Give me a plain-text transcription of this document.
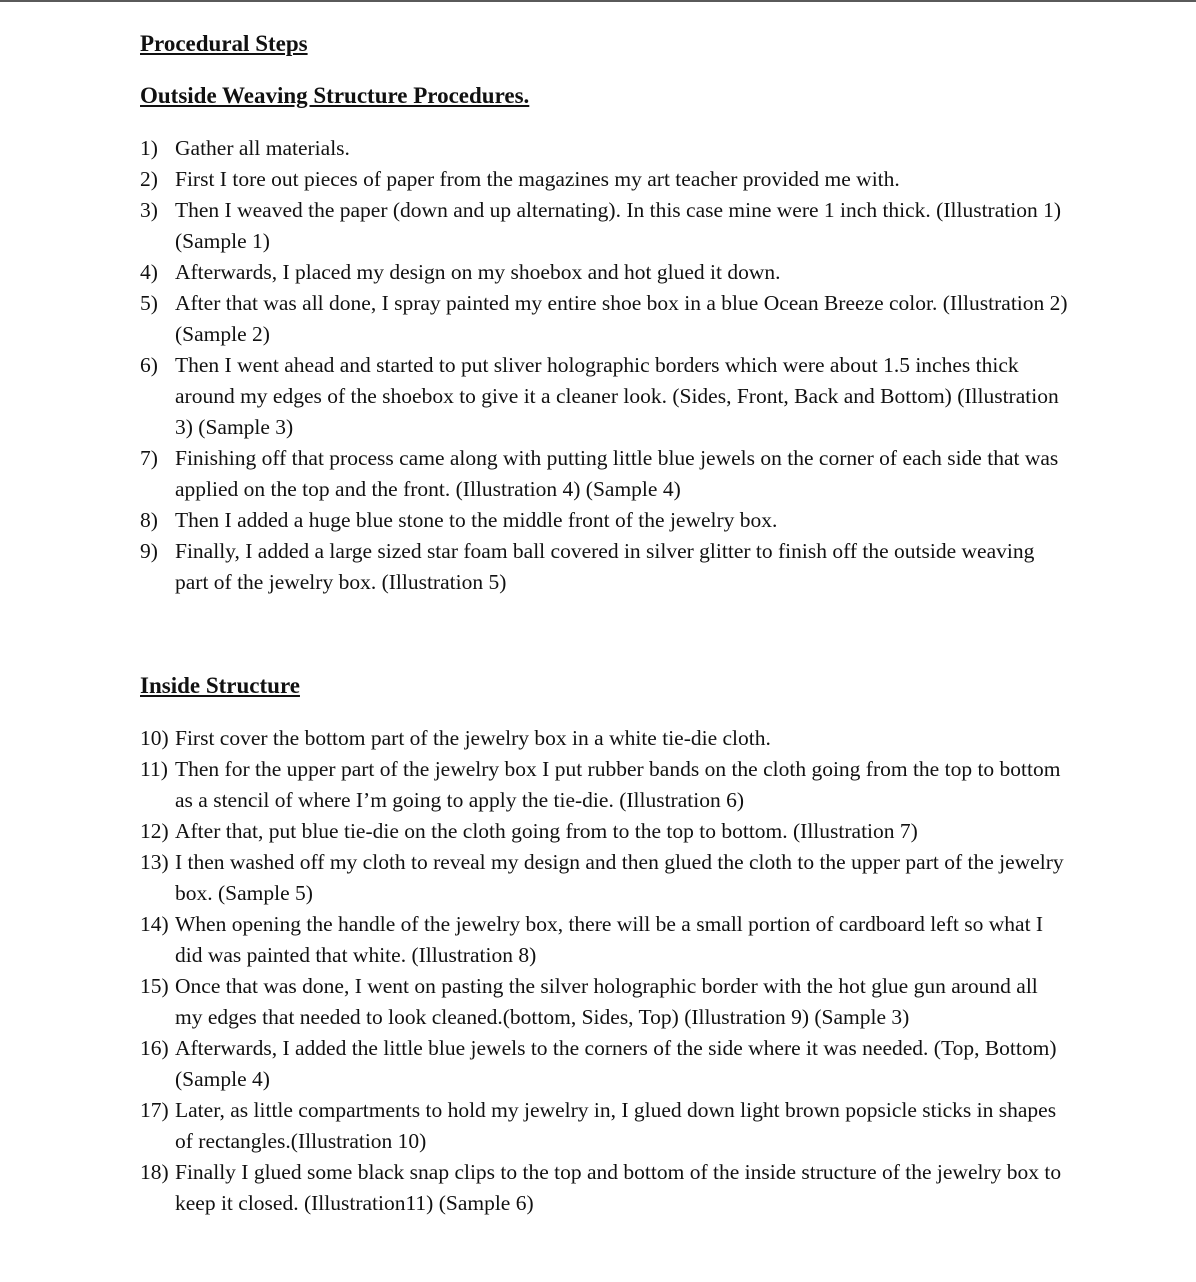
Procedural Steps
Outside Weaving Structure Procedures.
1) Gather all materials.
2) First I tore out pieces of paper from the magazines my art teacher provided me with.
3) Then I weaved the paper (down and up alternating). In this case mine were 1 inch thick. (Illustration 1) (Sample 1)
4) Afterwards, I placed my design on my shoebox and hot glued it down.
5) After that was all done, I spray painted my entire shoe box in a blue Ocean Breeze color. (Illustration 2) (Sample 2)
6) Then I went ahead and started to put sliver holographic borders which were about 1.5 inches thick around my edges of the shoebox to give it a cleaner look. (Sides, Front, Back and Bottom) (Illustration 3) (Sample 3)
7) Finishing off that process came along with putting little blue jewels on the corner of each side that was applied on the top and the front. (Illustration 4) (Sample 4)
8) Then I added a huge blue stone to the middle front of the jewelry box.
9) Finally, I added a large sized star foam ball covered in silver glitter to finish off the outside weaving part of the jewelry box. (Illustration 5)
Inside Structure
10) First cover the bottom part of the jewelry box in a white tie-die cloth.
11) Then for the upper part of the jewelry box I put rubber bands on the cloth going from the top to bottom as a stencil of where I’m going to apply the tie-die. (Illustration 6)
12) After that, put blue tie-die on the cloth going from to the top to bottom. (Illustration 7)
13) I then washed off my cloth to reveal my design and then glued the cloth to the upper part of the jewelry box. (Sample 5)
14) When opening the handle of the jewelry box, there will be a small portion of cardboard left so what I did was painted that white. (Illustration 8)
15) Once that was done, I went on pasting the silver holographic border with the hot glue gun around all my edges that needed to look cleaned.(bottom, Sides, Top) (Illustration 9) (Sample 3)
16) Afterwards, I added the little blue jewels to the corners of the side where it was needed. (Top, Bottom) (Sample 4)
17) Later, as little compartments to hold my jewelry in, I glued down light brown popsicle sticks in shapes of rectangles.(Illustration 10)
18) Finally I glued some black snap clips to the top and bottom of the inside structure of the jewelry box to keep it closed. (Illustration11) (Sample 6)
